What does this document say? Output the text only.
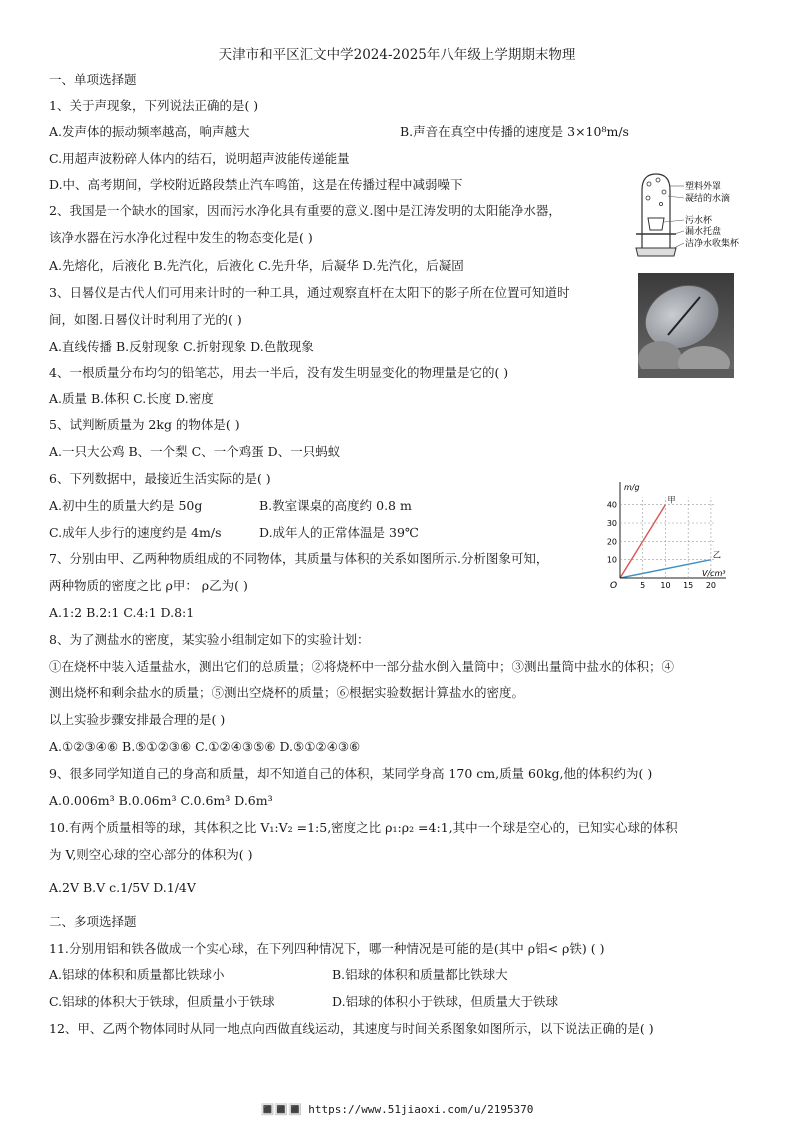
天津市和平区汇文中学2024-2025年八年级上学期期末物理
一、单项选择题
1、关于声现象，下列说法正确的是( )
A.发声体的振动频率越高，响声越大	B.声音在真空中传播的速度是 3×10⁸m/s
C.用超声波粉碎人体内的结石，说明超声波能传递能量
D.中、高考期间，学校附近路段禁止汽车鸣笛，这是在传播过程中减弱噪下
2、我国是一个缺水的国家，因而污水净化具有重要的意义.图中是江涛发明的太阳能净水器，
该净水器在污水净化过程中发生的物态变化是( )
A.先熔化，后液化 B.先汽化，后液化 C.先升华，后凝华 D.先汽化，后凝固
塑料外罩
凝结的水滴
污水杯
漏水托盘
洁净水收集杯
3、日晷仪是古代人们可用来计时的一种工具，通过观察直杆在太阳下的影子所在位置可知道时
间，如图.日晷仪计时利用了光的( )
A.直线传播 B.反射现象 C.折射现象 D.色散现象
4、一根质量分布均匀的铅笔芯，用去一半后，没有发生明显变化的物理量是它的( )
A.质量 B.体积 C.长度 D.密度
5、试判断质量为 2kg 的物体是( )
A.一只大公鸡 B、一个梨 C、一个鸡蛋 D、一只蚂蚁
6、下列数据中，最接近生活实际的是( )
A.初中生的质量大约是 50g	B.教室课桌的高度约 0.8 m
C.成年人步行的速度约是 4m/s	D.成年人的正常体温是 39℃
7、分别由甲、乙两种物质组成的不同物体，其质量与体积的关系如图所示.分析图象可知，
两种物质的密度之比 ρ甲： ρ乙为( )
A.1:2 B.2:1 C.4:1 D.8:1
乙
甲
40
30
20
10
20
15
10
5
m/g
V/cm³
O
8、为了测盐水的密度，某实验小组制定如下的实验计划：
①在烧杯中装入适量盐水，测出它们的总质量；②将烧杯中一部分盐水倒入量筒中；③测出量筒中盐水的体积；④
测出烧杯和剩余盐水的质量；⑤测出空烧杯的质量；⑥根据实验数据计算盐水的密度。
以上实验步骤安排最合理的是( )
A.①②③④⑥ B.⑤①②③⑥ C.①②④③⑤⑥ D.⑤①②④③⑥
9、很多同学知道自己的身高和质量，却不知道自己的体积，某同学身高 170 cm,质量 60kg,他的体积约为( )
A.0.006m³ B.0.06m³ C.0.6m³ D.6m³
10.有两个质量相等的球，其体积之比 V₁:V₂ =1:5,密度之比 ρ₁:ρ₂ =4:1,其中一个球是空心的，已知实心球的体积
为 V,则空心球的空心部分的体积为( )
A.2V B.V c.1/5V D.1/4V
二、多项选择题
11.分别用铝和铁各做成一个实心球，在下列四种情况下，哪一种情况是可能的是(其中 ρ铝< ρ铁) ( )
A.铝球的体积和质量都比铁球小	B.铝球的体积和质量都比铁球大
C.铝球的体积大于铁球，但质量小于铁球	D.铝球的体积小于铁球，但质量大于铁球
12、甲、乙两个物体同时从同一地点向西做直线运动，其速度与时间关系图象如图所示，以下说法正确的是( )
🔳🔳🔳 https://www.51jiaoxi.com/u/2195370
